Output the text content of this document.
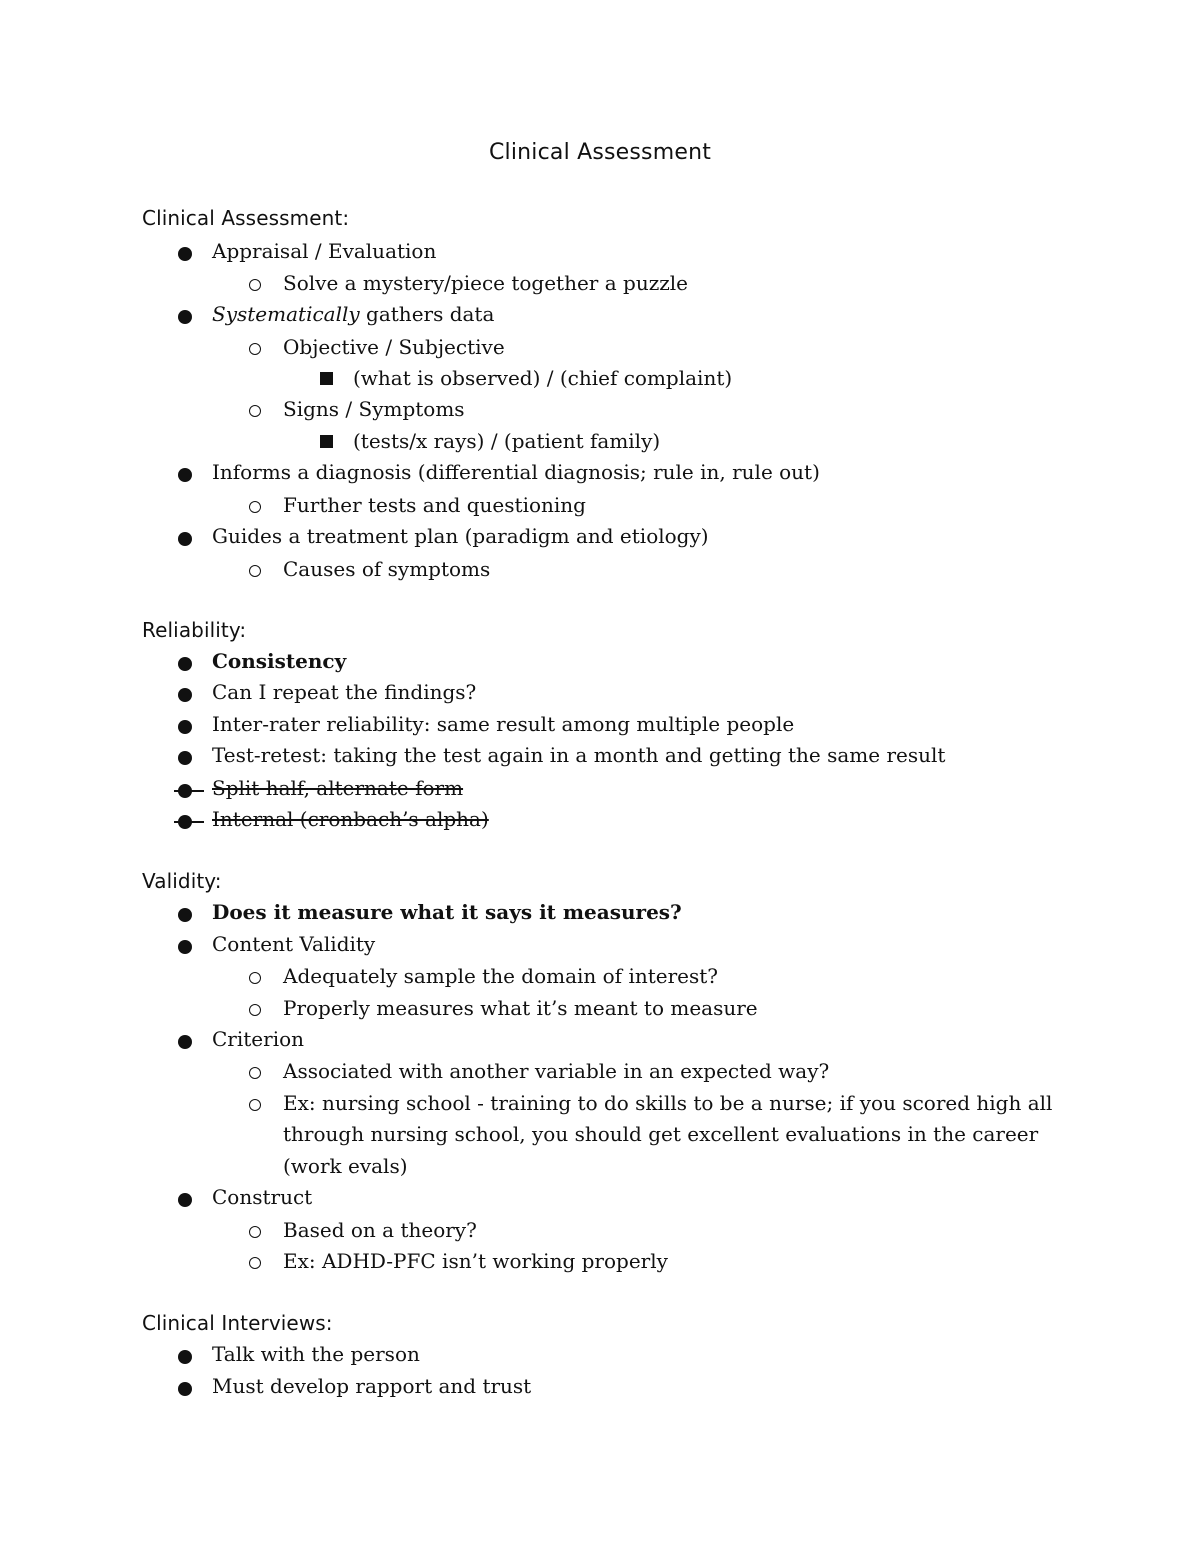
Clinical Assessment
Clinical Assessment:
Appraisal / Evaluation
Solve a mystery/piece together a puzzle
Systematically gathers data
Objective / Subjective
(what is observed) / (chief complaint)
Signs / Symptoms
(tests/x rays) / (patient family)
Informs a diagnosis (differential diagnosis; rule in, rule out)
Further tests and questioning
Guides a treatment plan (paradigm and etiology)
Causes of symptoms
Reliability:
Consistency
Can I repeat the findings?
Inter-rater reliability: same result among multiple people
Test-retest: taking the test again in a month and getting the same result
Split half, alternate form
Internal (cronbach’s alpha)
Validity:
Does it measure what it says it measures?
Content Validity
Adequately sample the domain of interest?
Properly measures what it’s meant to measure
Criterion
Associated with another variable in an expected way?
Ex: nursing school - training to do skills to be a nurse; if you scored high all
through nursing school, you should get excellent evaluations in the career
(work evals)
Construct
Based on a theory?
Ex: ADHD-PFC isn’t working properly
Clinical Interviews:
Talk with the person
Must develop rapport and trust
